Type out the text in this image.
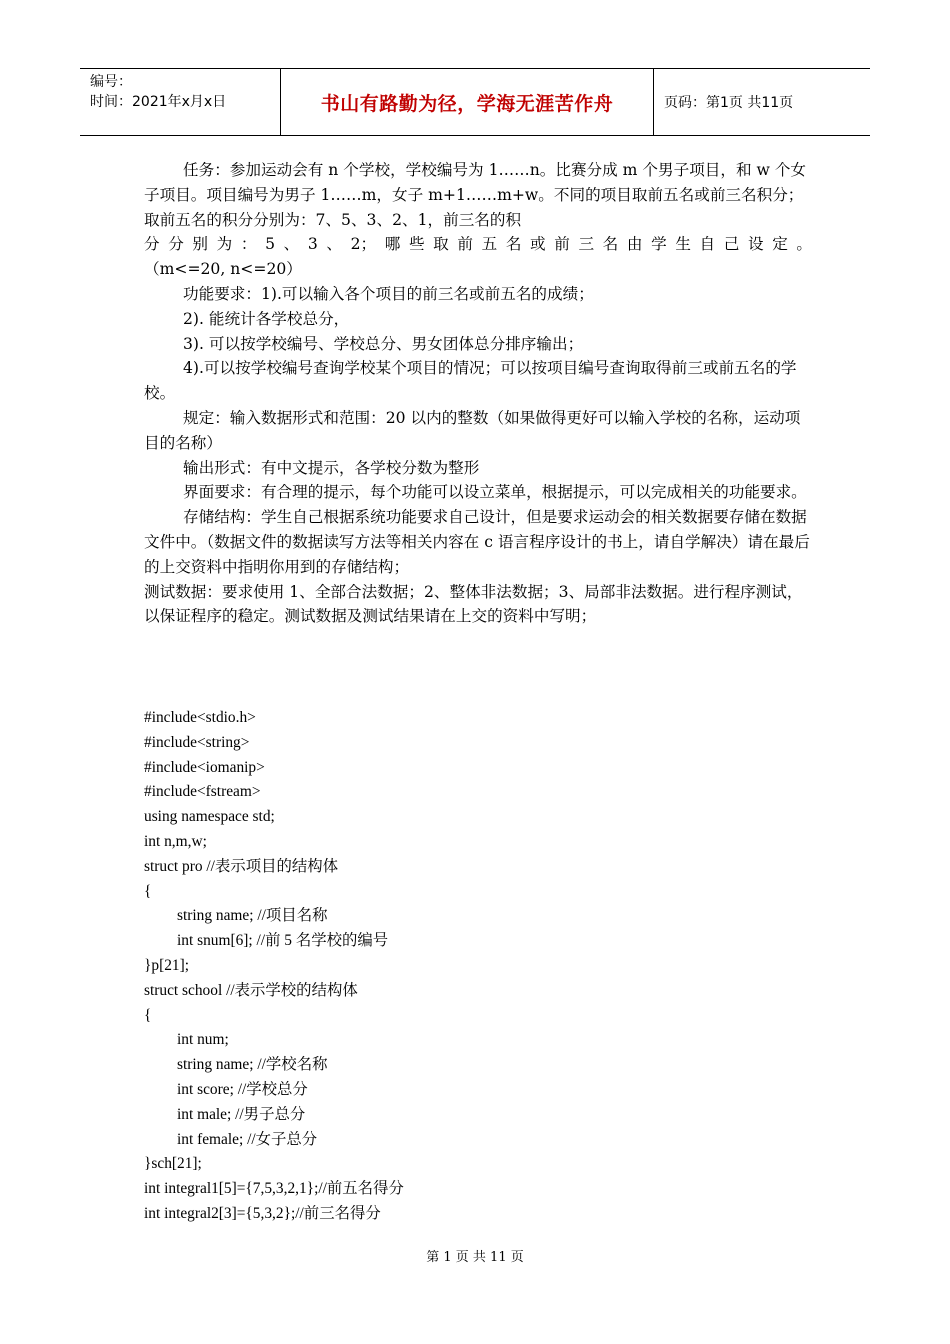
编号：
时间：2021年x月x日	书山有路勤为径，学海无涯苦作舟	页码：第1页 共11页

任务：参加运动会有 n 个学校，学校编号为 1……n。比赛分成 m 个男子项目，和 w 个女子项目。项目编号为男子 1……m，女子 m+1……m+w。不同的项目取前五名或前三名积分；取前五名的积分分别为：7、5、3、2、1，前三名的积

分分别为：5、3、2；哪些取前五名或前三名由学生自己设定。

（m<=20, n<=20）

功能要求：1).可以输入各个项目的前三名或前五名的成绩；

2). 能统计各学校总分，

3). 可以按学校编号、学校总分、男女团体总分排序输出；

4).可以按学校编号查询学校某个项目的情况；可以按项目编号查询取得前三或前五名的学校。

规定：输入数据形式和范围：20 以内的整数（如果做得更好可以输入学校的名称，运动项目的名称）

输出形式：有中文提示，各学校分数为整形

界面要求：有合理的提示，每个功能可以设立菜单，根据提示，可以完成相关的功能要求。

存储结构：学生自己根据系统功能要求自己设计，但是要求运动会的相关数据要存储在数据文件中。（数据文件的数据读写方法等相关内容在 c 语言程序设计的书上，请自学解决）请在最后的上交资料中指明你用到的存储结构；

测试数据：要求使用 1、全部合法数据；2、整体非法数据；3、局部非法数据。进行程序测试，以保证程序的稳定。测试数据及测试结果请在上交的资料中写明；

#include<stdio.h>
#include<string>
#include<iomanip>
#include<fstream>
using namespace std;
int n,m,w;
struct pro //表示项目的结构体
{
string name; //项目名称
int snum[6]; //前 5 名学校的编号
}p[21];
struct school //表示学校的结构体
{
int num;
string name; //学校名称
int score; //学校总分
int male; //男子总分
int female; //女子总分
}sch[21];
int integral1[5]={7,5,3,2,1};//前五名得分
int integral2[3]={5,3,2};//前三名得分
第 1 页 共 11 页
